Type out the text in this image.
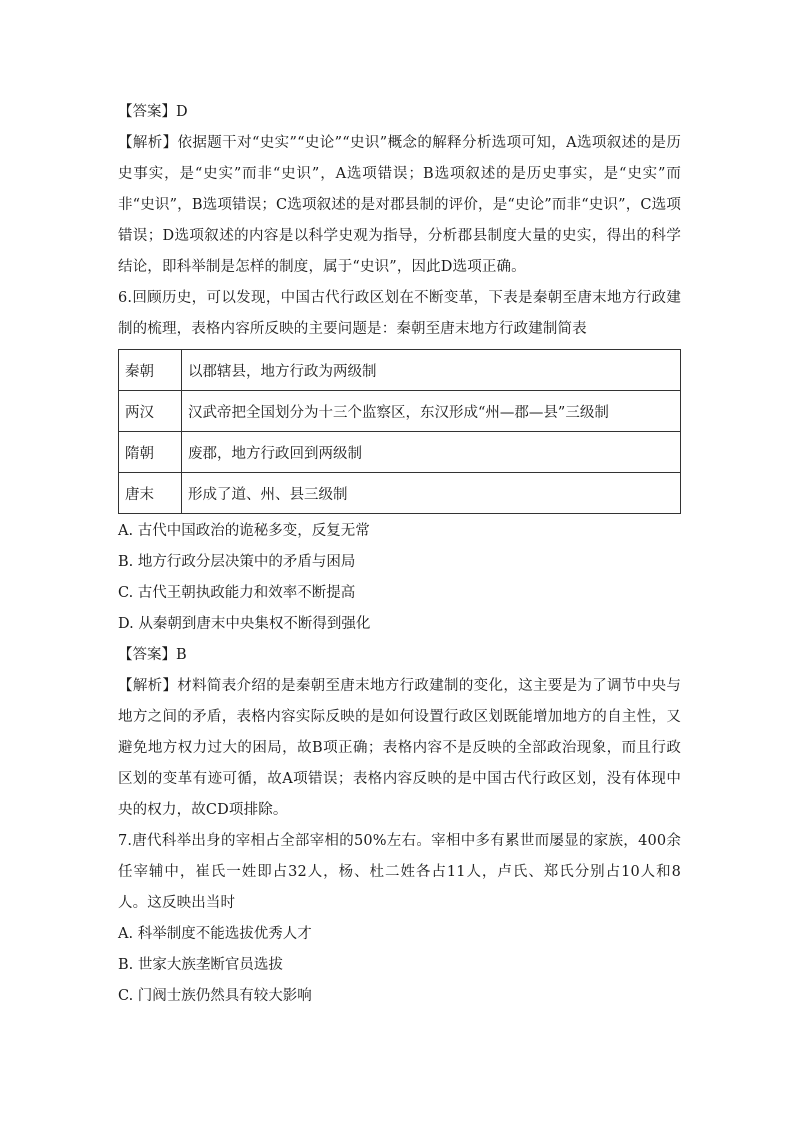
【答案】D
【解析】依据题干对“史实”“史论”“史识”概念的解释分析选项可知，A选项叙述的是历史事实，是“史实”而非“史识”，A选项错误；B选项叙述的是历史事实，是“史实”而非“史识”，B选项错误；C选项叙述的是对郡县制的评价，是“史论”而非“史识”，C选项错误；D选项叙述的内容是以科学史观为指导，分析郡县制度大量的史实，得出的科学结论，即科举制是怎样的制度，属于“史识”，因此D选项正确。
6.回顾历史，可以发现，中国古代行政区划在不断变革，下表是秦朝至唐末地方行政建制的梳理，表格内容所反映的主要问题是：秦朝至唐末地方行政建制简表
秦朝	以郡辖县，地方行政为两级制
两汉	汉武帝把全国划分为十三个监察区，东汉形成“州—郡—县”三级制
隋朝	废郡，地方行政回到两级制
唐末	形成了道、州、县三级制
A. 古代中国政治的诡秘多变，反复无常
B. 地方行政分层决策中的矛盾与困局
C. 古代王朝执政能力和效率不断提高
D. 从秦朝到唐末中央集权不断得到强化
【答案】B
【解析】材料简表介绍的是秦朝至唐末地方行政建制的变化，这主要是为了调节中央与地方之间的矛盾，表格内容实际反映的是如何设置行政区划既能增加地方的自主性，又避免地方权力过大的困局，故B项正确；表格内容不是反映的全部政治现象，而且行政区划的变革有迹可循，故A项错误；表格内容反映的是中国古代行政区划，没有体现中央的权力，故CD项排除。
7.唐代科举出身的宰相占全部宰相的50%左右。宰相中多有累世而屡显的家族，400余任宰辅中，崔氏一姓即占32人，杨、杜二姓各占11人，卢氏、郑氏分别占10人和8人。这反映出当时
A. 科举制度不能选拔优秀人才
B. 世家大族垄断官员选拔
C. 门阀士族仍然具有较大影响
